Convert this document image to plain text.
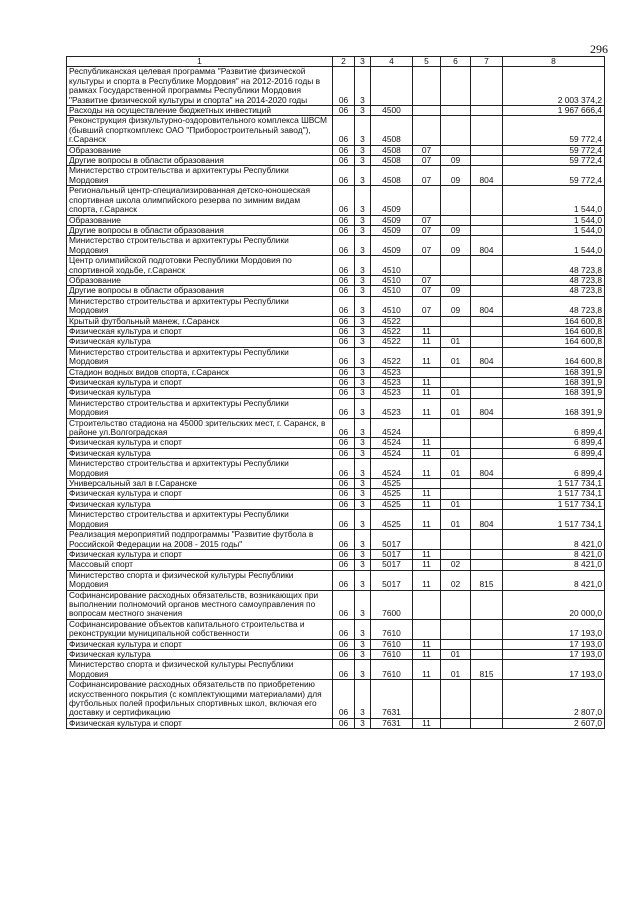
296
1	2	3	4	5	6	7	8
Республиканская целевая программа "Развитие физической культуры и спорта в Республике Мордовия" на 2012-2016 годы в рамках Государственной программы Республики Мордовия "Развитие физической культуры и спорта" на 2014-2020 годы	06	3					2 003 374,2
Расходы на осуществление бюджетных инвестиций	06	3	4500				1 967 666,4
Реконструкция физкультурно-оздоровительного комплекса ШВСМ (бывший спорткомплекс ОАО "Приборостроительный завод"), г.Саранск	06	3	4508				59 772,4
Образование	06	3	4508	07			59 772,4
Другие вопросы в области образования	06	3	4508	07	09		59 772,4
Министерство строительства и архитектуры Республики Мордовия	06	3	4508	07	09	804	59 772,4
Региональный центр-специализированная детско-юношеская спортивная школа олимпийского резерва по зимним видам спорта, г.Саранск	06	3	4509				1 544,0
Образование	06	3	4509	07			1 544,0
Другие вопросы в области образования	06	3	4509	07	09		1 544,0
Министерство строительства и архитектуры Республики Мордовия	06	3	4509	07	09	804	1 544,0
Центр олимпийской подготовки Республики Мордовия по спортивной ходьбе, г.Саранск	06	3	4510				48 723,8
Образование	06	3	4510	07			48 723,8
Другие вопросы в области образования	06	3	4510	07	09		48 723,8
Министерство строительства и архитектуры Республики Мордовия	06	3	4510	07	09	804	48 723,8
Крытый футбольный манеж, г.Саранск	06	3	4522				164 600,8
Физическая культура и спорт	06	3	4522	11			164 600,8
Физическая культура	06	3	4522	11	01		164 600,8
Министерство строительства и архитектуры Республики Мордовия	06	3	4522	11	01	804	164 600,8
Стадион водных видов спорта, г.Саранск	06	3	4523				168 391,9
Физическая культура и спорт	06	3	4523	11			168 391,9
Физическая культура	06	3	4523	11	01		168 391,9
Министерство строительства и архитектуры Республики Мордовия	06	3	4523	11	01	804	168 391,9
Строительство стадиона на 45000 зрительских мест, г. Саранск, в районе ул.Волгоградская	06	3	4524				6 899,4
Физическая культура и спорт	06	3	4524	11			6 899,4
Физическая культура	06	3	4524	11	01		6 899,4
Министерство строительства и архитектуры Республики Мордовия	06	3	4524	11	01	804	6 899,4
Универсальный зал в г.Саранске	06	3	4525				1 517 734,1
Физическая культура и спорт	06	3	4525	11			1 517 734,1
Физическая культура	06	3	4525	11	01		1 517 734,1
Министерство строительства и архитектуры Республики Мордовия	06	3	4525	11	01	804	1 517 734,1
Реализация мероприятий подпрограммы "Развитие футбола в Российской Федерации на 2008 - 2015 годы"	06	3	5017				8 421,0
Физическая культура и спорт	06	3	5017	11			8 421,0
Массовый спорт	06	3	5017	11	02		8 421,0
Министерство спорта и физической культуры Республики Мордовия	06	3	5017	11	02	815	8 421,0
Софинансирование расходных обязательств, возникающих при выполнении полномочий органов местного самоуправления по вопросам местного значения	06	3	7600				20 000,0
Софинансирование объектов капитального строительства и реконструкции муниципальной собственности	06	3	7610				17 193,0
Физическая культура и спорт	06	3	7610	11			17 193,0
Физическая культура	06	3	7610	11	01		17 193,0
Министерство спорта и физической культуры Республики Мордовия	06	3	7610	11	01	815	17 193,0
Софинансирование расходных обязательств по приобретению искусственного покрытия (с комплектующими материалами) для футбольных полей профильных спортивных школ, включая его доставку и сертификацию	06	3	7631				2 807,0
Физическая культура и спорт	06	3	7631	11			2 607,0
